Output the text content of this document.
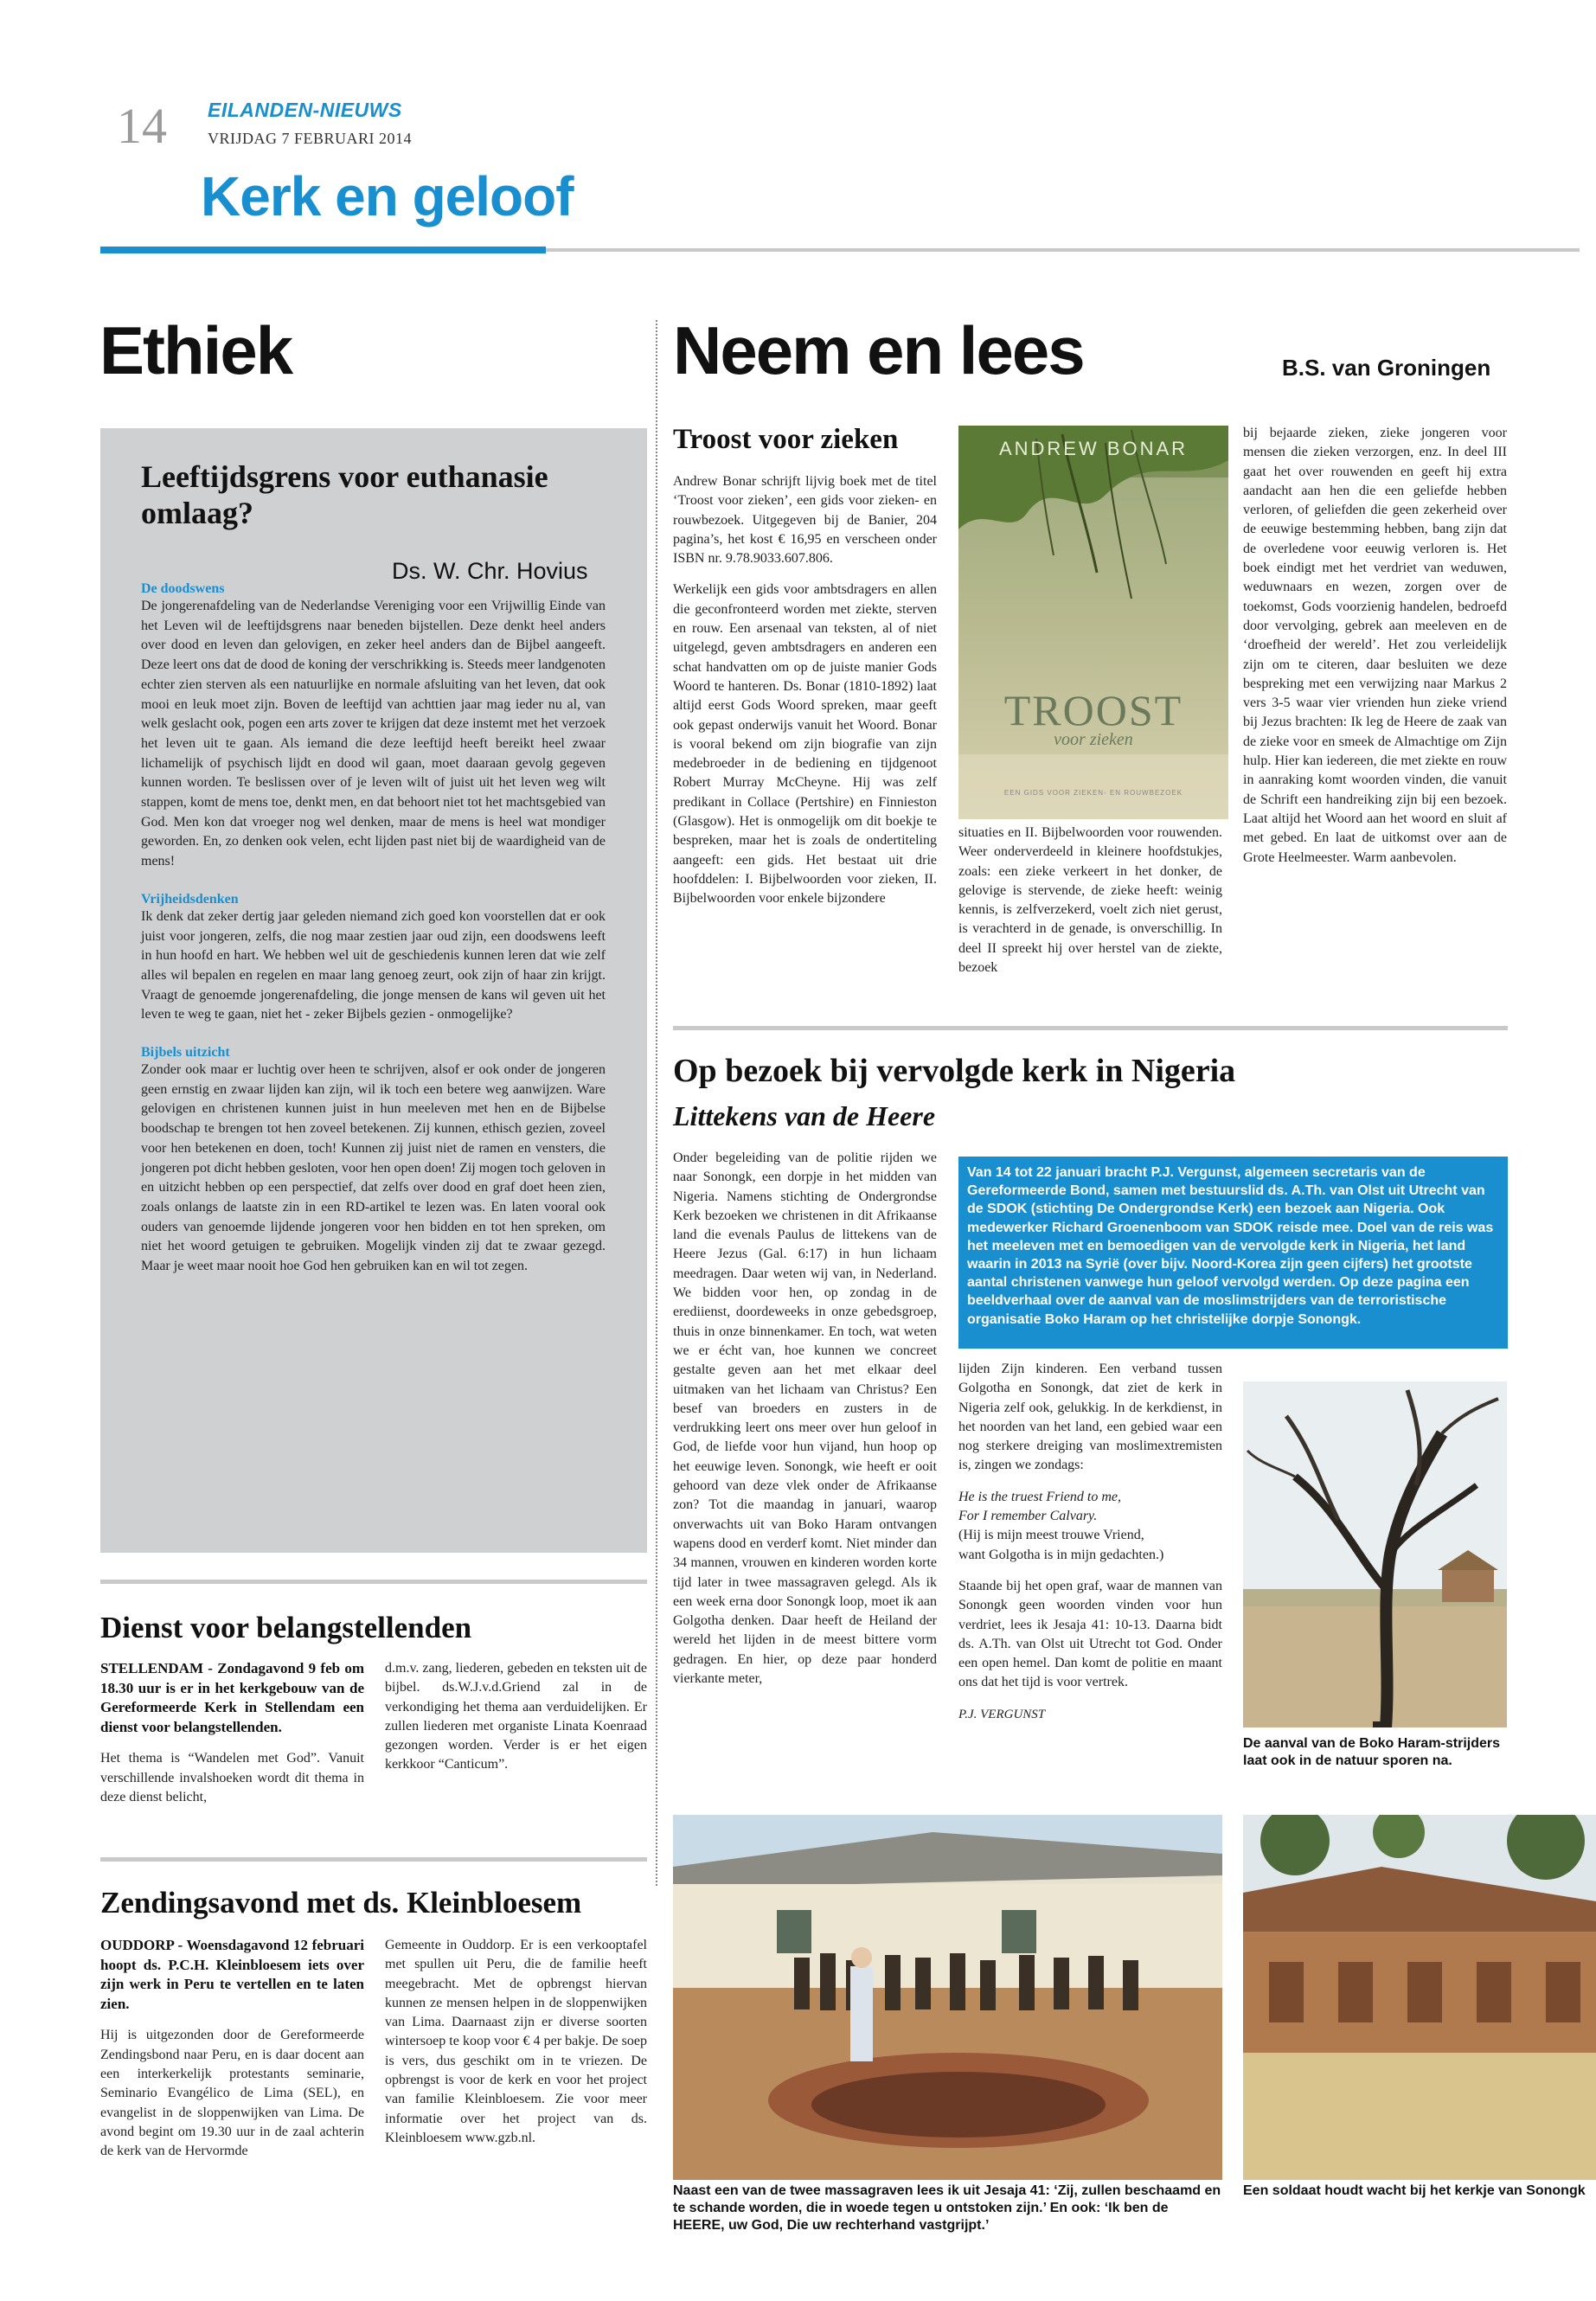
14 EILANDEN-NIEUWS
VRIJDAG 7 FEBRUARI 2014
Kerk en geloof
Ethiek
Leeftijdsgrens voor euthanasie omlaag?
Ds. W. Chr. Hovius
De doodswens
De jongerenafdeling van de Nederlandse Vereniging voor een Vrijwillig Einde van het Leven wil de leeftijdsgrens naar beneden bijstellen. Deze denkt heel anders over dood en leven dan gelovigen, en zeker heel anders dan de Bijbel aangeeft. Deze leert ons dat de dood de koning der verschrikking is. Steeds meer landgenoten echter zien sterven als een natuurlijke en normale afsluiting van het leven, dat ook mooi en leuk moet zijn. Boven de leeftijd van achttien jaar mag ieder nu al, van welk geslacht ook, pogen een arts zover te krijgen dat deze instemt met het verzoek het leven uit te gaan. Als iemand die deze leeftijd heeft bereikt heel zwaar lichamelijk of psychisch lijdt en dood wil gaan, moet daaraan gevolg gegeven kunnen worden. Te beslissen over of je leven wilt of juist uit het leven weg wilt stappen, komt de mens toe, denkt men, en dat behoort niet tot het machtsgebied van God. Men kon dat vroeger nog wel denken, maar de mens is heel wat mondiger geworden. En, zo denken ook velen, echt lijden past niet bij de waardigheid van de mens!
Vrijheidsdenken
Ik denk dat zeker dertig jaar geleden niemand zich goed kon voorstellen dat er ook juist voor jongeren, zelfs, die nog maar zestien jaar oud zijn, een doodswens leeft in hun hoofd en hart. We hebben wel uit de geschiedenis kunnen leren dat wie zelf alles wil bepalen en regelen en maar lang genoeg zeurt, ook zijn of haar zin krijgt. Vraagt de genoemde jongerenafdeling, die jonge mensen de kans wil geven uit het leven te weg te gaan, niet het - zeker Bijbels gezien - onmogelijke?
Bijbels uitzicht
Zonder ook maar er luchtig over heen te schrijven, alsof er ook onder de jongeren geen ernstig en zwaar lijden kan zijn, wil ik toch een betere weg aanwijzen. Ware gelovigen en christenen kunnen juist in hun meeleven met hen en de Bijbelse boodschap te brengen tot hen zoveel betekenen. Zij kunnen, ethisch gezien, zoveel voor hen betekenen en doen, toch! Kunnen zij juist niet de ramen en vensters, die jongeren pot dicht hebben gesloten, voor hen open doen! Zij mogen toch geloven in en uitzicht hebben op een perspectief, dat zelfs over dood en graf doet heen zien, zoals onlangs de laatste zin in een RD-artikel te lezen was. En laten vooral ook ouders van genoemde lijdende jongeren voor hen bidden en tot hen spreken, om niet het woord getuigen te gebruiken. Mogelijk vinden zij dat te zwaar gezegd. Maar je weet maar nooit hoe God hen gebruiken kan en wil tot zegen.
Dienst voor belangstellenden
STELLENDAM - Zondagavond 9 feb om 18.30 uur is er in het kerkgebouw van de Gereformeerde Kerk in Stellendam een dienst voor belangstellenden.
Het thema is “Wandelen met God”. Vanuit verschillende invalshoeken wordt dit thema in deze dienst belicht,
d.m.v. zang, liederen, gebeden en teksten uit de bijbel. ds.W.J.v.d.Griend zal in de verkondiging het thema aan verduidelijken. Er zullen liederen met organiste Linata Koenraad gezongen worden. Verder is er het eigen kerkkoor “Canticum”.
Zendingsavond met ds. Kleinbloesem
OUDDORP - Woensdagavond 12 februari hoopt ds. P.C.H. Kleinbloesem iets over zijn werk in Peru te vertellen en te laten zien.
Hij is uitgezonden door de Gereformeerde Zendingsbond naar Peru, en is daar docent aan een interkerkelijk protestants seminarie, Seminario Evangélico de Lima (SEL), en evangelist in de sloppenwijken van Lima. De avond begint om 19.30 uur in de zaal achterin de kerk van de Hervormde
Gemeente in Ouddorp. Er is een verkooptafel met spullen uit Peru, die de familie heeft meegebracht. Met de opbrengst hiervan kunnen ze mensen helpen in de sloppenwijken van Lima. Daarnaast zijn er diverse soorten wintersoep te koop voor € 4 per bakje. De soep is vers, dus geschikt om in te vriezen. De opbrengst is voor de kerk en voor het project van familie Kleinbloesem. Zie voor meer informatie over het project van ds. Kleinbloesem www.gzb.nl.
Neem en lees	B.S. van Groningen
Troost voor zieken
Andrew Bonar schrijft lijvig boek met de titel ‘Troost voor zieken’, een gids voor zieken- en rouwbezoek. Uitgegeven bij de Banier, 204 pagina’s, het kost € 16,95 en verscheen onder ISBN nr. 9.78.9033.607.806.
Werkelijk een gids voor ambtsdragers en allen die geconfronteerd worden met ziekte, sterven en rouw. Een arsenaal van teksten, al of niet uitgelegd, geven ambtsdragers en anderen een schat handvatten om op de juiste manier Gods Woord te hanteren. Ds. Bonar (1810-1892) laat altijd eerst Gods Woord spreken, maar geeft ook gepast onderwijs vanuit het Woord. Bonar is vooral bekend om zijn biografie van zijn medebroeder in de bediening en tijdgenoot Robert Murray McCheyne. Hij was zelf predikant in Collace (Pertshire) en Finnieston (Glasgow). Het is onmogelijk om dit boekje te bespreken, maar het is zoals de ondertiteling aangeeft: een gids. Het bestaat uit drie hoofddelen: I. Bijbelwoorden voor zieken, II. Bijbelwoorden voor enkele bijzondere
ANDREW BONAR
TROOST
voor zieken
EEN GIDS VOOR ZIEKEN- EN ROUWBEZOEK
situaties en II. Bijbelwoorden voor rouwenden. Weer onderverdeeld in kleinere hoofdstukjes, zoals: een zieke verkeert in het donker, de gelovige is stervende, de zieke heeft: weinig kennis, is zelfverzekerd, voelt zich niet gerust, is verachterd in de genade, is onverschillig. In deel II spreekt hij over herstel van de ziekte, bezoek
bij bejaarde zieken, zieke jongeren voor mensen die zieken verzorgen, enz. In deel III gaat het over rouwenden en geeft hij extra aandacht aan hen die een geliefde hebben verloren, of geliefden die geen zekerheid over de eeuwige bestemming hebben, bang zijn dat de overledene voor eeuwig verloren is. Het boek eindigt met het verdriet van weduwen, weduwnaars en wezen, zorgen over de toekomst, Gods voorzienig handelen, bedroefd door vervolging, gebrek aan meeleven en de ‘droefheid der wereld’. Het zou verleidelijk zijn om te citeren, daar besluiten we deze bespreking met een verwijzing naar Markus 2 vers 3-5 waar vier vrienden hun zieke vriend bij Jezus brachten: Ik leg de Heere de zaak van de zieke voor en smeek de Almachtige om Zijn hulp. Hier kan iedereen, die met ziekte en rouw in aanraking komt woorden vinden, die vanuit de Schrift een handreiking zijn bij een bezoek. Laat altijd het Woord aan het woord en sluit af met gebed. En laat de uitkomst over aan de Grote Heelmeester. Warm aanbevolen.
Op bezoek bij vervolgde kerk in Nigeria
Littekens van de Heere
Onder begeleiding van de politie rijden we naar Sonongk, een dorpje in het midden van Nigeria. Namens stichting de Ondergrondse Kerk bezoeken we christenen in dit Afrikaanse land die evenals Paulus de littekens van de Heere Jezus (Gal. 6:17) in hun lichaam meedragen. Daar weten wij van, in Nederland. We bidden voor hen, op zondag in de erediienst, doordeweeks in onze gebedsgroep, thuis in onze binnenkamer. En toch, wat weten we er écht van, hoe kunnen we concreet gestalte geven aan het met elkaar deel uitmaken van het lichaam van Christus? Een besef van broeders en zusters in de verdrukking leert ons meer over hun geloof in God, de liefde voor hun vijand, hun hoop op het eeuwige leven. Sonongk, wie heeft er ooit gehoord van deze vlek onder de Afrikaanse zon? Tot die maandag in januari, waarop onverwachts uit van Boko Haram ontvangen wapens dood en verderf komt. Niet minder dan 34 mannen, vrouwen en kinderen worden korte tijd later in twee massagraven gelegd. Als ik een week erna door Sonongk loop, moet ik aan Golgotha denken. Daar heeft de Heiland der wereld het lijden in de meest bittere vorm gedragen. En hier, op deze paar honderd vierkante meter,
Van 14 tot 22 januari bracht P.J. Vergunst, algemeen secretaris van de Gereformeerde Bond, samen met bestuurslid ds. A.Th. van Olst uit Utrecht van de SDOK (stichting De Ondergrondse Kerk) een bezoek aan Nigeria. Ook medewerker Richard Groenenboom van SDOK reisde mee. Doel van de reis was het meeleven met en bemoedigen van de vervolgde kerk in Nigeria, het land waarin in 2013 na Syrië (over bijv. Noord-Korea zijn geen cijfers) het grootste aantal christenen vanwege hun geloof vervolgd werden. Op deze pagina een beeldverhaal over de aanval van de moslimstrijders van de terroristische organisatie Boko Haram op het christelijke dorpje Sonongk.
lijden Zijn kinderen. Een verband tussen Golgotha en Sonongk, dat ziet de kerk in Nigeria zelf ook, gelukkig. In de kerkdienst, in het noorden van het land, een gebied waar een nog sterkere dreiging van moslimextremisten is, zingen we zondags:
He is the truest Friend to me,
For I remember Calvary.
(Hij is mijn meest trouwe Vriend,
want Golgotha is in mijn gedachten.)
Staande bij het open graf, waar de mannen van Sonongk geen woorden vinden voor hun verdriet, lees ik Jesaja 41: 10-13. Daarna bidt ds. A.Th. van Olst uit Utrecht tot God. Onder een open hemel. Dan komt de politie en maant ons dat het tijd is voor vertrek.
P.J. VERGUNST
De aanval van de Boko Haram-strijders laat ook in de natuur sporen na.
Naast een van de twee massagraven lees ik uit Jesaja 41: ‘Zij, zullen beschaamd en te schande worden, die in woede tegen u ontstoken zijn.’ En ook: ‘Ik ben de HEERE, uw God, Die uw rechterhand vastgrijpt.’
Een soldaat houdt wacht bij het kerkje van Sonongk
